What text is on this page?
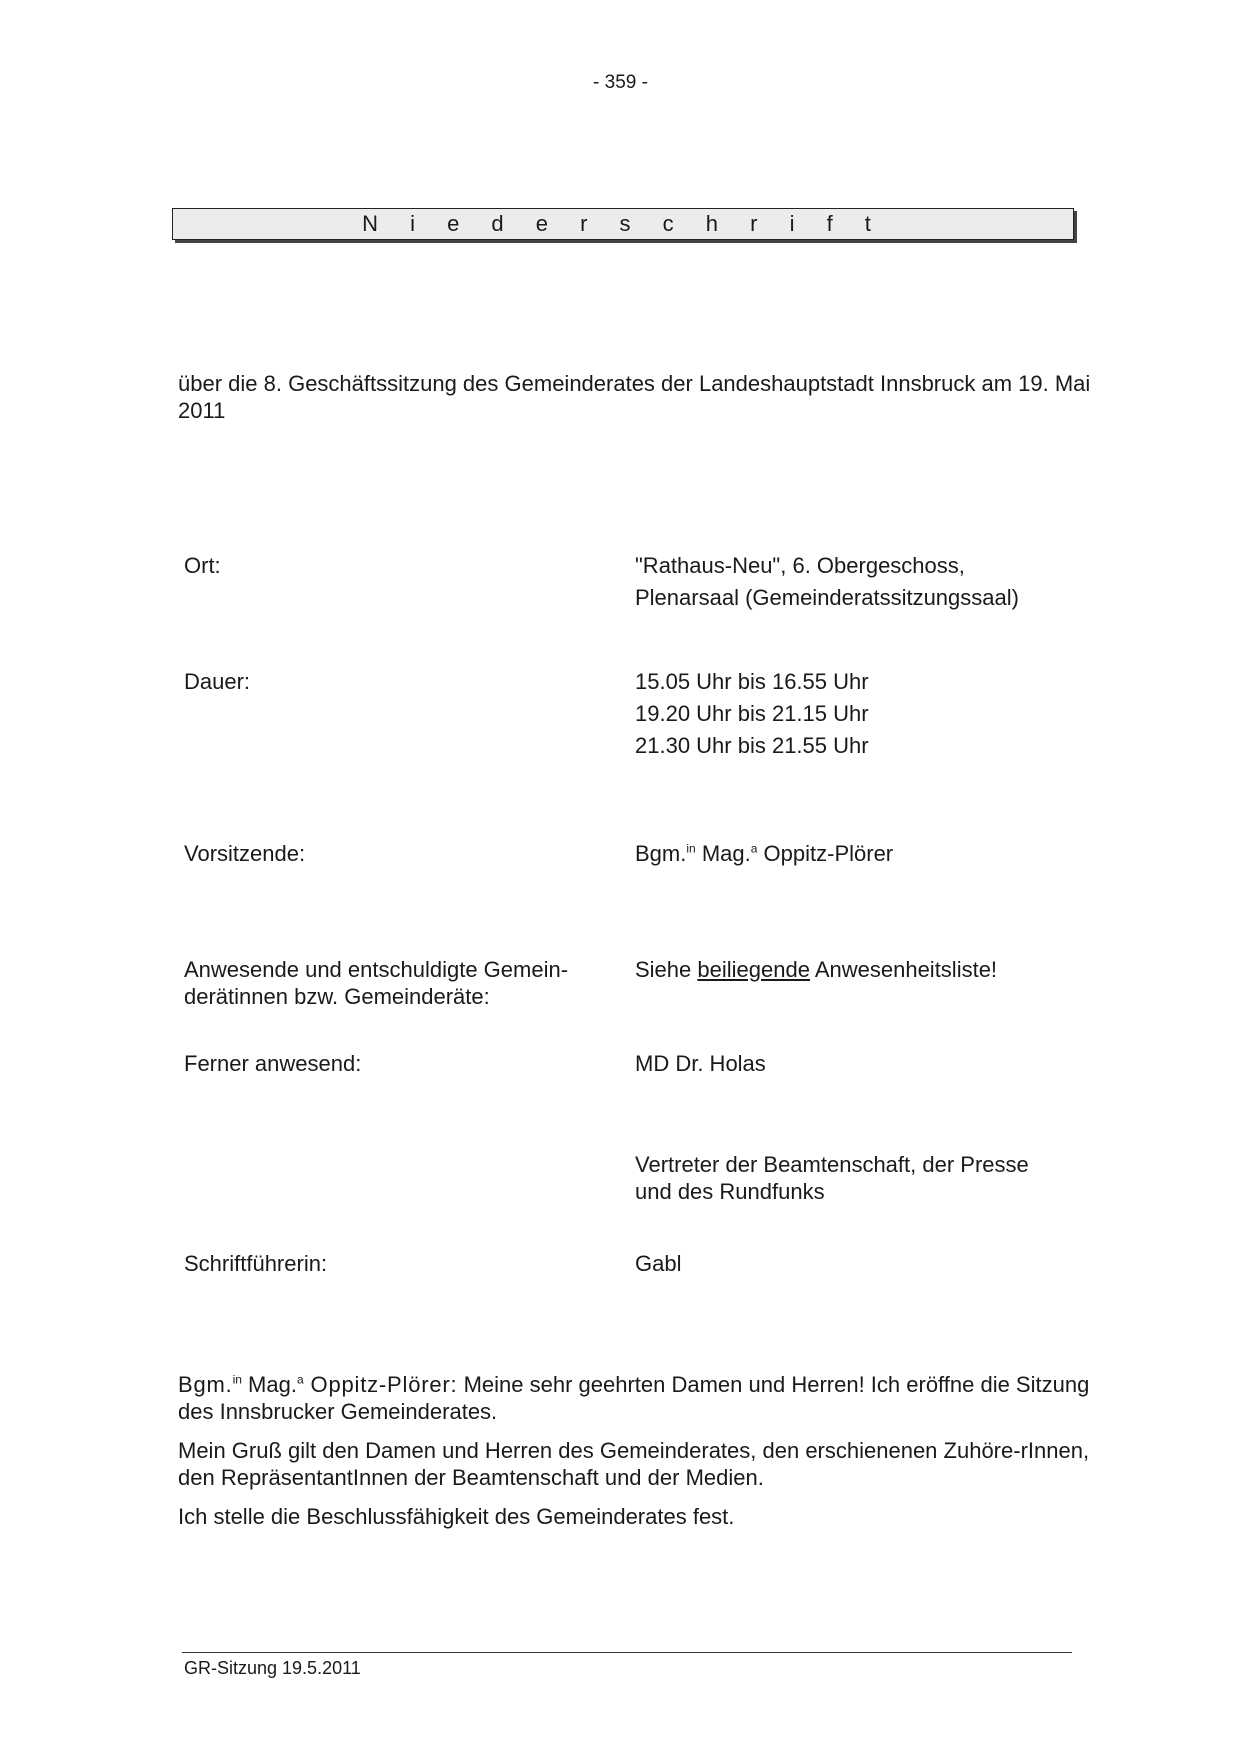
- 359 -
N i e d e r s c h r i f t

über die 8. Geschäftssitzung des Gemeinderates der Landeshauptstadt Innsbruck am 19. Mai 2011

Ort:	"Rathaus-Neu", 6. Obergeschoss,
Plenarsaal (Gemeinderatssitzungssaal)
Dauer:	15.05 Uhr bis 16.55 Uhr
19.20 Uhr bis 21.15 Uhr
21.30 Uhr bis 21.55 Uhr
Vorsitzende:	Bgm.$^{in}$ Mag.$^a$ Oppitz-Plörer
Anwesende und entschuldigte Gemein-derätinnen bzw. Gemeinderäte:
Siehe beiliegende Anwesenheitsliste!
Ferner anwesend:	MD Dr. Holas
Vertreter der Beamtenschaft, der Presse und des Rundfunks
Schriftführerin:	Gabl

Bgm.$^{in}$ Mag.$^a$ Oppitz-Plörer: Meine sehr geehrten Damen und Herren! Ich eröffne die Sitzung des Innsbrucker Gemeinderates.

Mein Gruß gilt den Damen und Herren des Gemeinderates, den erschienenen Zuhöre-rInnen, den RepräsentantInnen der Beamtenschaft und der Medien.

Ich stelle die Beschlussfähigkeit des Gemeinderates fest.

GR-Sitzung 19.5.2011
